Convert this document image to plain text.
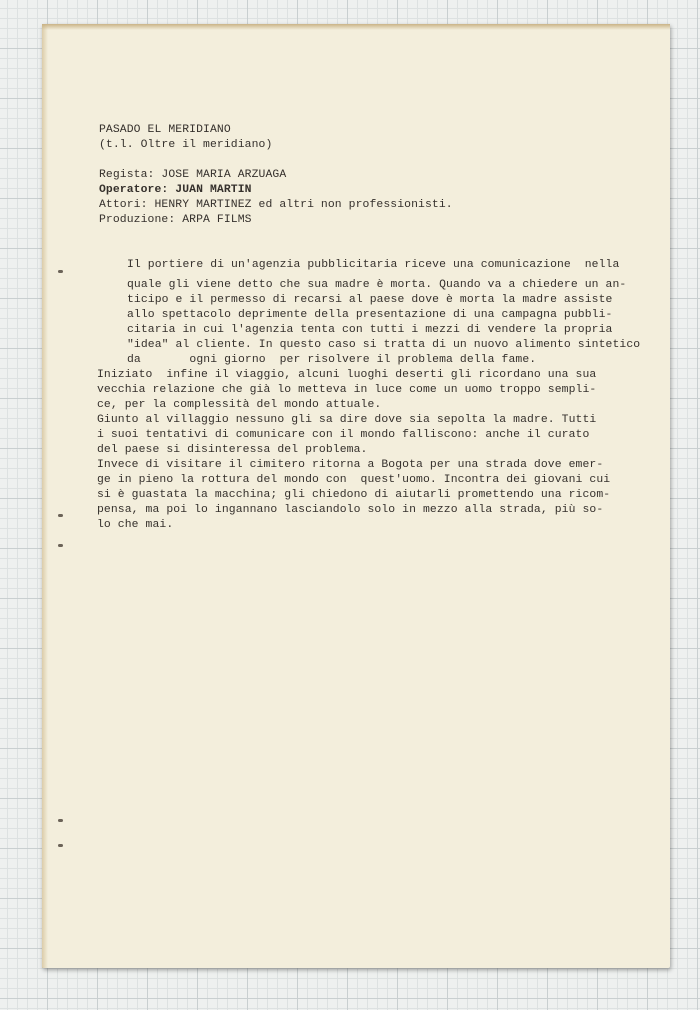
PASADO EL MERIDIANO

(t.l. Oltre il meridiano)

Regista: JOSE MARIA ARZUAGA

Operatore: JUAN MARTIN

Attori: HENRY MARTINEZ ed altri non professionisti.

Produzione: ARPA FILMS

Il portiere di un'agenzia pubblicitaria riceve una comunicazione  nella

quale gli viene detto che sua madre è morta. Quando va a chiedere un an-

ticipo e il permesso di recarsi al paese dove è morta la madre assiste

allo spettacolo deprimente della presentazione di una campagna pubbli-

citaria in cui l'agenzia tenta con tutti i mezzi di vendere la propria

"idea" al cliente. In questo caso si tratta di un nuovo alimento sintetico

da       ogni giorno  per risolvere il problema della fame.

Iniziato  infine il viaggio, alcuni luoghi deserti gli ricordano una sua

vecchia relazione che già lo metteva in luce come un uomo troppo sempli-

ce, per la complessità del mondo attuale.

Giunto al villaggio nessuno gli sa dire dove sia sepolta la madre. Tutti

i suoi tentativi di comunicare con il mondo falliscono: anche il curato

del paese si disinteressa del problema.

Invece di visitare il cimitero ritorna a Bogota per una strada dove emer-

ge in pieno la rottura del mondo con  quest'uomo. Incontra dei giovani cui

si è guastata la macchina; gli chiedono di aiutarli promettendo una ricom-

pensa, ma poi lo ingannano lasciandolo solo in mezzo alla strada, più so-

lo che mai.
